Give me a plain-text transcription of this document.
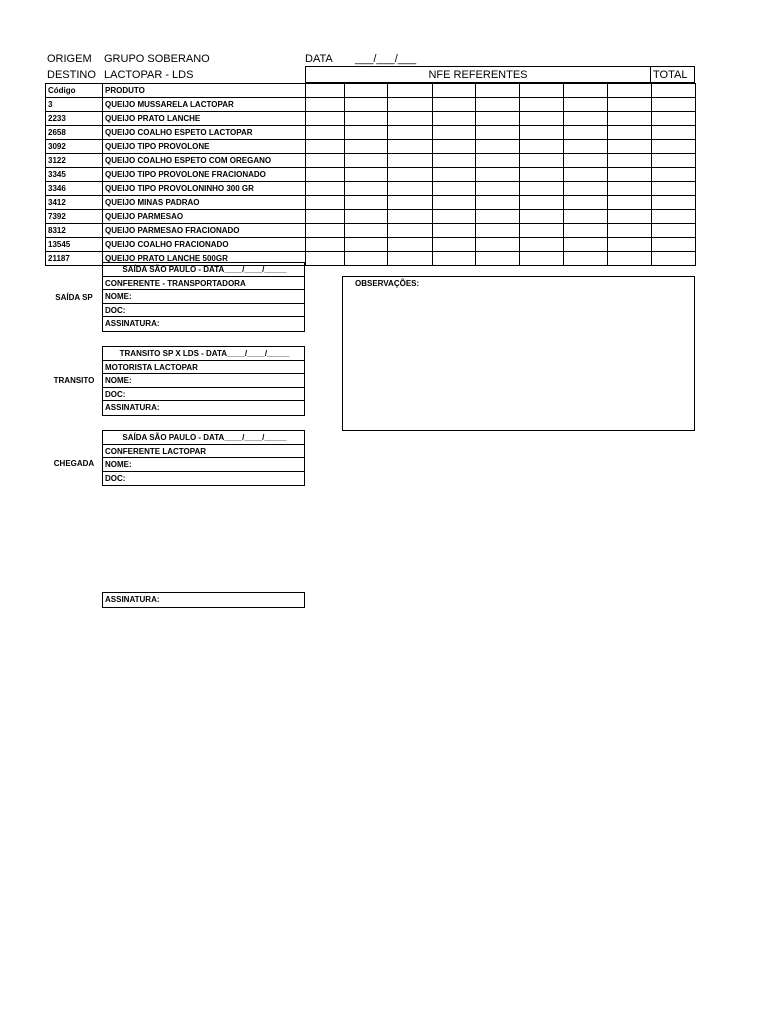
ORIGEM GRUPO SOBERANO	DATA ___/___/___
DESTINO LACTOPAR - LDS	NFE REFERENTES	TOTAL
Código	PRODUTO									
3	QUEIJO MUSSARELA LACTOPAR									
2233	QUEIJO PRATO LANCHE									
2658	QUEIJO COALHO ESPETO LACTOPAR									
3092	QUEIJO TIPO PROVOLONE									
3122	QUEIJO COALHO ESPETO COM OREGANO									
3345	QUEIJO TIPO PROVOLONE FRACIONADO									
3346	QUEIJO TIPO PROVOLONINHO 300 GR									
3412	QUEIJO MINAS PADRAO									
7392	QUEIJO PARMESAO									
8312	QUEIJO PARMESAO FRACIONADO									
13545	QUEIJO COALHO FRACIONADO									
21187	QUEIJO PRATO LANCHE 500GR									
SAÍDA SP
SAÍDA SÃO PAULO - DATA____/____/_____
CONFERENTE - TRANSPORTADORA
NOME:
DOC:
ASSINATURA:
OBSERVAÇÕES:
TRANSITO
TRANSITO SP X LDS - DATA____/____/_____
MOTORISTA LACTOPAR
NOME:
DOC:
ASSINATURA:
CHEGADA
SAÍDA SÃO PAULO - DATA____/____/_____
CONFERENTE LACTOPAR
NOME:
DOC:
ASSINATURA:
